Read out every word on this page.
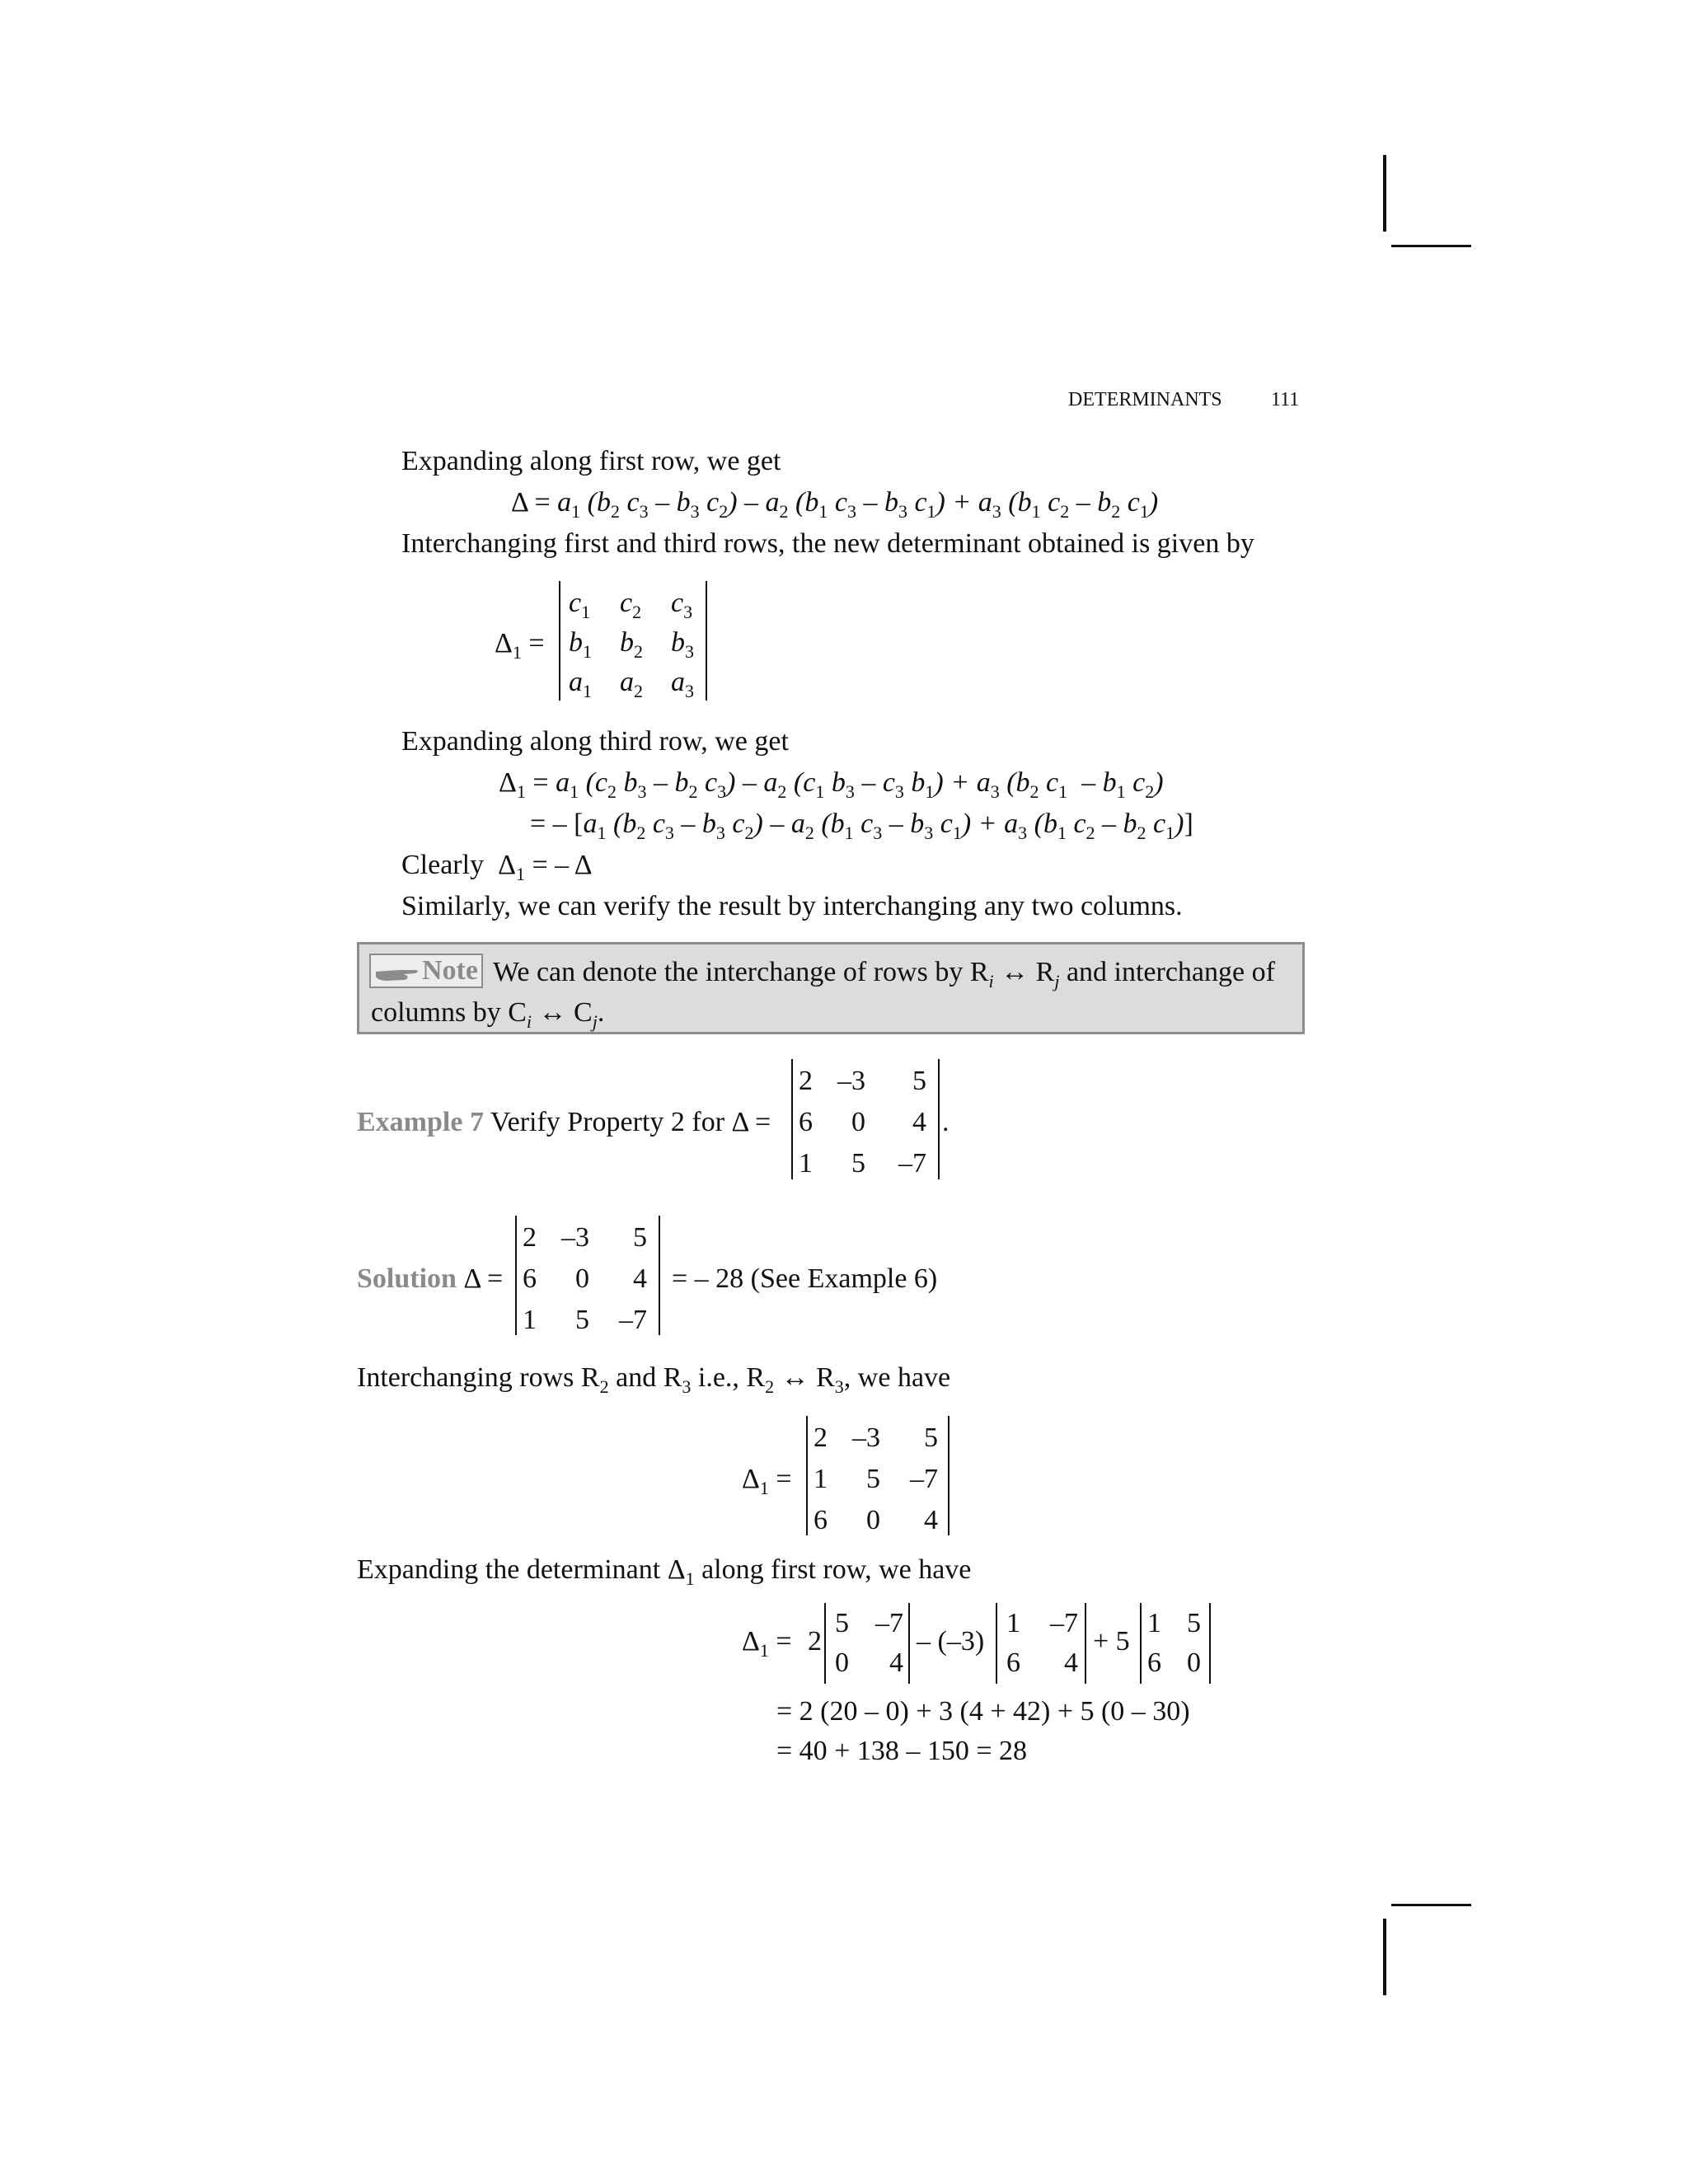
DETERMINANTS 111
Expanding along first row, we get
$\Delta = a_1$ ($b_2$ $c_3 - b_3$ $c_2) - a_2$ ($b_1$ $c_3 - b_3$ $c_1) + a_3$ ($b_1$ $c_2 - b_2$ $c_1$)
Interchanging first and third rows, the new determinant obtained is given by
$\Delta_1$ =
$c_1$ $c_2$ $c_3$
$b_1$ $b_2$ $b_3$
$a_1$ $a_2$ $a_3$
Expanding along third row, we get
$\Delta_1 = a_1$ ($c_2$ $b_3 - b_2$ $c_3) - a_2$ ($c_1$ $b_3 - c_3$ $b_1) + a_3$ ($b_2$ $c_1 - b_1$ $c_2$)
= – [$a_1$ ($b_2$ $c_3 - b_3$ $c_2) - a_2$ ($b_1$ $c_3 - b_3$ $c_1) + a_3$ ($b_1$ $c_2 - b_2$ $c_1$)]
Clearly  $\Delta_1$ = – Δ
Similarly, we can verify the result by interchanging any two columns.
Note We can denote the interchange of rows by $R_i$ ↔ $R_j$ and interchange of
columns by $C_i$ ↔ $C_j$.
Example 7 Verify Property 2 for Δ =
2 –3	5
6	0	4
1	5	–7
.
Solution Δ =
2 –3	5
6	0	4
1	5	–7
= – 28 (See Example 6)
Interchanging rows $R_2$ and $R_3$ i.e., $R_2$ ↔ $R_3$, we have
$\Delta_1$ =
2 –3	5
1	5	–7
6	0	4
Expanding the determinant $\Delta_1$ along first row, we have
$\Delta_1 = 2$
5 –7
0	4
– (–3)
1	–7
6	4
+ 5
1 5
6 0
= 2 (20 – 0) + 3 (4 + 42) + 5 (0 – 30)
= 40 + 138 – 150 = 28
